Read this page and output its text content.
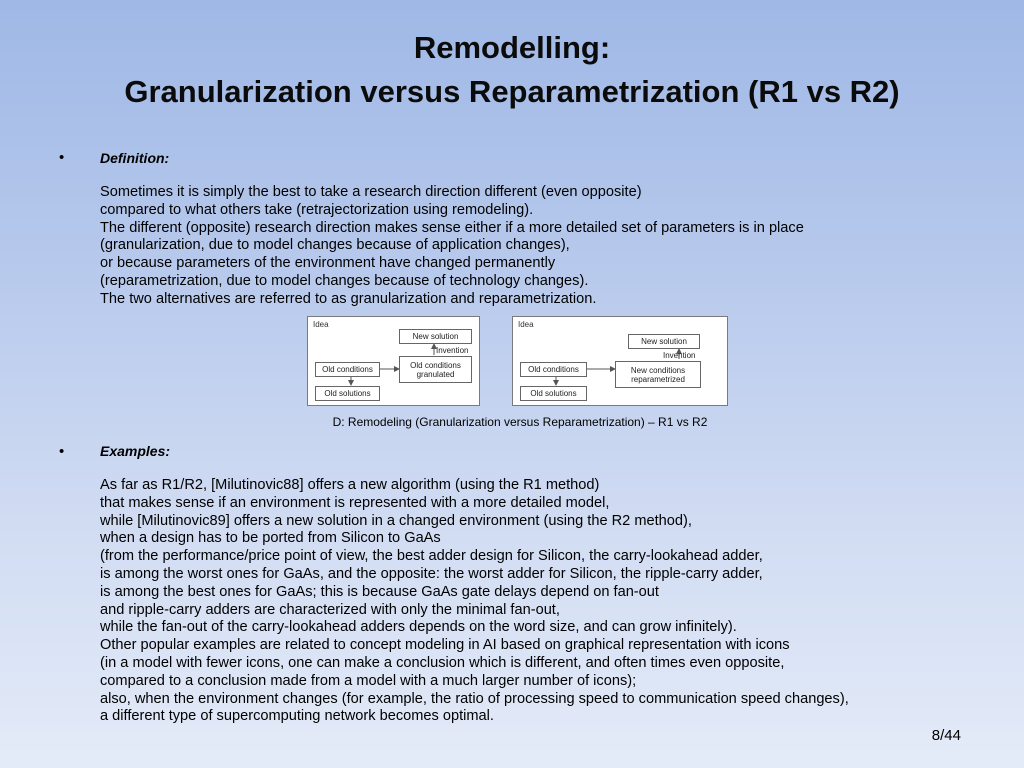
Remodelling:
Granularization versus Reparametrization (R1 vs R2)
•	Definition:
Sometimes it is simply the best to take a research direction different (even opposite)
compared to what others take (retrajectorization using remodeling).
The different (opposite) research direction makes sense either if a more detailed set of parameters is in place
(granularization, due to model changes because of application changes),
or because parameters of the environment have changed permanently
(reparametrization, due to model changes because of technology changes).
The two alternatives are referred to as granularization and reparametrization.
Idea
New solution
Invention
Old conditions	Old conditions granulated
Old solutions
Idea
New solution
Invention
Old conditions	New conditions reparametrized
Old solutions
D: Remodeling (Granularization versus Reparametrization) – R1 vs R2
•	Examples:
As far as R1/R2, [Milutinovic88] offers a new algorithm (using the R1 method)
that makes sense if an environment is represented with a more detailed model,
while [Milutinovic89] offers a new solution in a changed environment (using the R2 method),
when a design has to be ported from Silicon to GaAs
(from the performance/price point of view, the best adder design for Silicon, the carry-lookahead adder,
is among the worst ones for GaAs, and the opposite: the worst adder for Silicon, the ripple-carry adder,
is among the best ones for GaAs; this is because GaAs gate delays depend on fan-out
and ripple-carry adders are characterized with only the minimal fan-out,
while the fan-out of the carry-lookahead adders depends on the word size, and can grow infinitely).
Other popular examples are related to concept modeling in AI based on graphical representation with icons
(in a model with fewer icons, one can make a conclusion which is different, and often times even opposite,
compared to a conclusion made from a model with a much larger number of icons);
also, when the environment changes (for example, the ratio of processing speed to communication speed changes),
a different type of supercomputing network becomes optimal.
8/44
